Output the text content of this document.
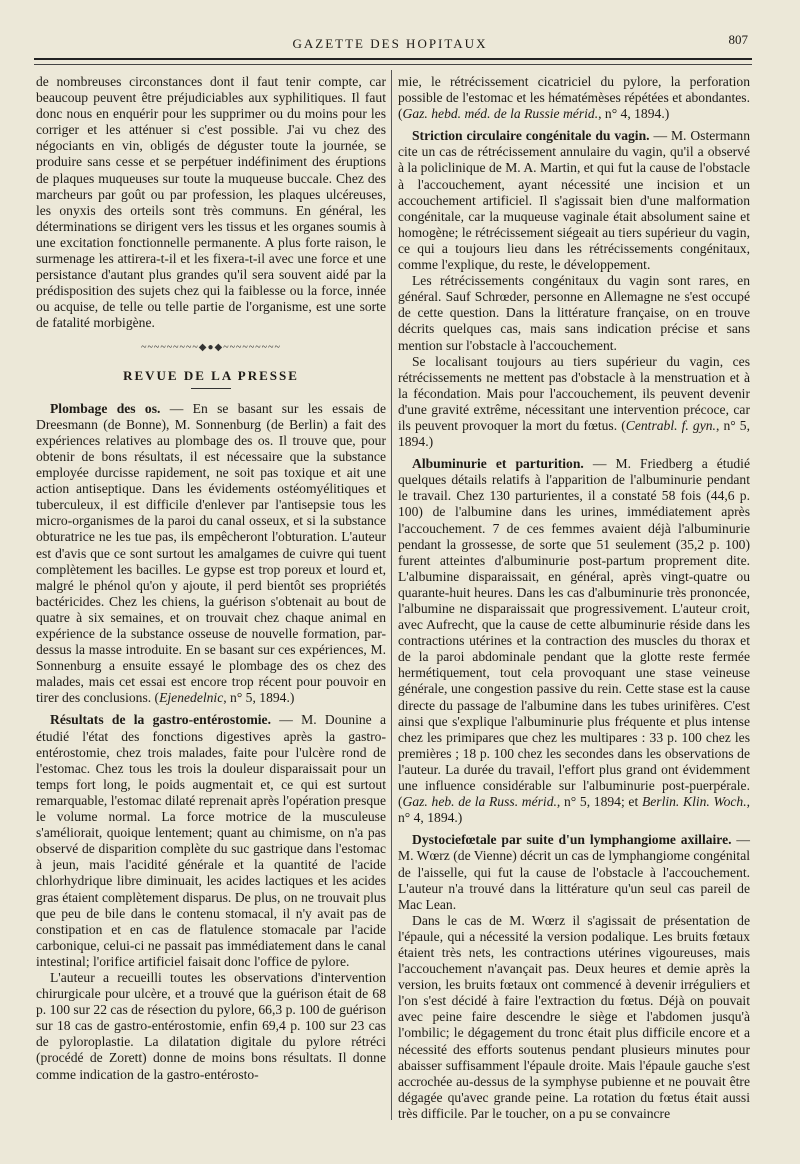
GAZETTE DES HOPITAUX	807

de nombreuses circonstances dont il faut tenir compte, car beaucoup peuvent être préjudiciables aux syphilitiques. Il faut donc nous en enquérir pour les supprimer ou du moins pour les corriger et les atténuer si c'est possible. J'ai vu chez des négociants en vin, obligés de déguster toute la journée, se produire sans cesse et se perpétuer indéfiniment des éruptions de plaques muqueuses sur toute la muqueuse buccale. Chez des marcheurs par goût ou par profession, les plaques ulcéreuses, les onyxis des orteils sont très communs. En général, les déterminations se dirigent vers les tissus et les organes soumis à une excitation fonctionnelle permanente. A plus forte raison, le surmenage les attirera-t-il et les fixera-t-il avec une force et une persistance d'autant plus grandes qu'il sera souvent aidé par la prédisposition des sujets chez qui la faiblesse ou la force, innée ou acquise, de telle ou telle partie de l'organisme, est une sorte de fatalité morbigène.

~~~~~~~~~◆●◆~~~~~~~~~
REVUE DE LA PRESSE

Plombage des os. — En se basant sur les essais de Dreesmann (de Bonne), M. Sonnenburg (de Berlin) a fait des expériences relatives au plombage des os. Il trouve que, pour obtenir de bons résultats, il est nécessaire que la substance employée durcisse rapidement, ne soit pas toxique et ait une action antiseptique. Dans les évidements ostéomyélitiques et tuberculeux, il est difficile d'enlever par l'antisepsie tous les micro-organismes de la paroi du canal osseux, et si la substance obturatrice ne les tue pas, ils empêcheront l'obturation. L'auteur est d'avis que ce sont surtout les amalgames de cuivre qui tuent complètement les bacilles. Le gypse est trop poreux et lourd et, malgré le phénol qu'on y ajoute, il perd bientôt ses propriétés bactéricides. Chez les chiens, la guérison s'obtenait au bout de quatre à six semaines, et on trouvait chez chaque animal en expérience de la substance osseuse de nouvelle formation, par-dessus la masse introduite. En se basant sur ces expériences, M. Sonnenburg a ensuite essayé le plombage des os chez des malades, mais cet essai est encore trop récent pour pouvoir en tirer des conclusions. (Ejenedelnic, n° 5, 1894.)

Résultats de la gastro-entérostomie. — M. Dounine a étudié l'état des fonctions digestives après la gastro-entérostomie, chez trois malades, faite pour l'ulcère rond de l'estomac. Chez tous les trois la douleur disparaissait pour un temps fort long, le poids augmentait et, ce qui est surtout remarquable, l'estomac dilaté reprenait après l'opération presque le volume normal. La force motrice de la musculeuse s'améliorait, quoique lentement; quant au chimisme, on n'a pas observé de disparition complète du suc gastrique dans l'estomac à jeun, mais l'acidité générale et la quantité de l'acide chlorhydrique libre diminuait, les acides lactiques et les acides gras étaient complètement disparus. De plus, on ne trouvait plus que peu de bile dans le contenu stomacal, il n'y avait pas de constipation et en cas de flatulence stomacale par l'acide carbonique, celui-ci ne passait pas immédiatement dans le canal intestinal; l'orifice artificiel faisait donc l'office de pylore.

L'auteur a recueilli toutes les observations d'intervention chirurgicale pour ulcère, et a trouvé que la guérison était de 68 p. 100 sur 22 cas de résection du pylore, 66,3 p. 100 de guérison sur 18 cas de gastro-entérostomie, enfin 69,4 p. 100 sur 23 cas de pyloroplastie. La dilatation digitale du pylore rétréci (procédé de Zorett) donne de moins bons résultats. Il donne comme indication de la gastro-entérosto-

mie, le rétrécissement cicatriciel du pylore, la perforation possible de l'estomac et les hématémèses répétées et abondantes. (Gaz. hebd. méd. de la Russie mérid., n° 4, 1894.)

Striction circulaire congénitale du vagin. — M. Ostermann cite un cas de rétrécissement annulaire du vagin, qu'il a observé à la policlinique de M. A. Martin, et qui fut la cause de l'obstacle à l'accouchement, ayant nécessité une incision et un accouchement artificiel. Il s'agissait bien d'une malformation congénitale, car la muqueuse vaginale était absolument saine et homogène; le rétrécissement siégeait au tiers supérieur du vagin, ce qui a toujours lieu dans les rétrécissements congénitaux, comme l'explique, du reste, le développement.

Les rétrécissements congénitaux du vagin sont rares, en général. Sauf Schrœder, personne en Allemagne ne s'est occupé de cette question. Dans la littérature française, on en trouve décrits quelques cas, mais sans indication précise et sans mention sur l'obstacle à l'accouchement.

Se localisant toujours au tiers supérieur du vagin, ces rétrécissements ne mettent pas d'obstacle à la menstruation et à la fécondation. Mais pour l'accouchement, ils peuvent devenir d'une gravité extrême, nécessitant une intervention précoce, car ils peuvent provoquer la mort du fœtus. (Centrabl. f. gyn., n° 5, 1894.)

Albuminurie et parturition. — M. Friedberg a étudié quelques détails relatifs à l'apparition de l'albuminurie pendant le travail. Chez 130 parturientes, il a constaté 58 fois (44,6 p. 100) de l'albumine dans les urines, immédiatement après l'accouchement. 7 de ces femmes avaient déjà l'albuminurie pendant la grossesse, de sorte que 51 seulement (35,2 p. 100) furent atteintes d'albuminurie post-partum proprement dite. L'albumine disparaissait, en général, après vingt-quatre ou quarante-huit heures. Dans les cas d'albuminurie très prononcée, l'albumine ne disparaissait que progressivement. L'auteur croit, avec Aufrecht, que la cause de cette albuminurie réside dans les contractions utérines et la contraction des muscles du thorax et de la paroi abdominale pendant que la glotte reste fermée hermétiquement, tout cela provoquant une stase veineuse générale, une congestion passive du rein. Cette stase est la cause directe du passage de l'albumine dans les tubes urinifères. C'est ainsi que s'explique l'albuminurie plus fréquente et plus intense chez les primipares que chez les multipares : 33 p. 100 chez les premières ; 18 p. 100 chez les secondes dans les observations de l'auteur. La durée du travail, l'effort plus grand ont évidemment une influence considérable sur l'albuminurie post-puerpérale. (Gaz. heb. de la Russ. mérid., n° 5, 1894; et Berlin. Klin. Woch., n° 4, 1894.)

Dystociefœtale par suite d'un lymphangiome axillaire. — M. Wœrz (de Vienne) décrit un cas de lymphangiome congénital de l'aisselle, qui fut la cause de l'obstacle à l'accouchement. L'auteur n'a trouvé dans la littérature qu'un seul cas pareil de Mac Lean.

Dans le cas de M. Wœrz il s'agissait de présentation de l'épaule, qui a nécessité la version podalique. Les bruits fœtaux étaient très nets, les contractions utérines vigoureuses, mais l'accouchement n'avançait pas. Deux heures et demie après la version, les bruits fœtaux ont commencé à devenir irréguliers et l'on s'est décidé à faire l'extraction du fœtus. Déjà on pouvait avec peine faire descendre le siège et l'abdomen jusqu'à l'ombilic; le dégagement du tronc était plus difficile encore et a nécessité des efforts soutenus pendant plusieurs minutes pour abaisser suffisamment l'épaule droite. Mais l'épaule gauche s'est accrochée au-dessus de la symphyse pubienne et ne pouvait être dégagée qu'avec grande peine. La rotation du fœtus était aussi très difficile. Par le toucher, on a pu se convaincre
